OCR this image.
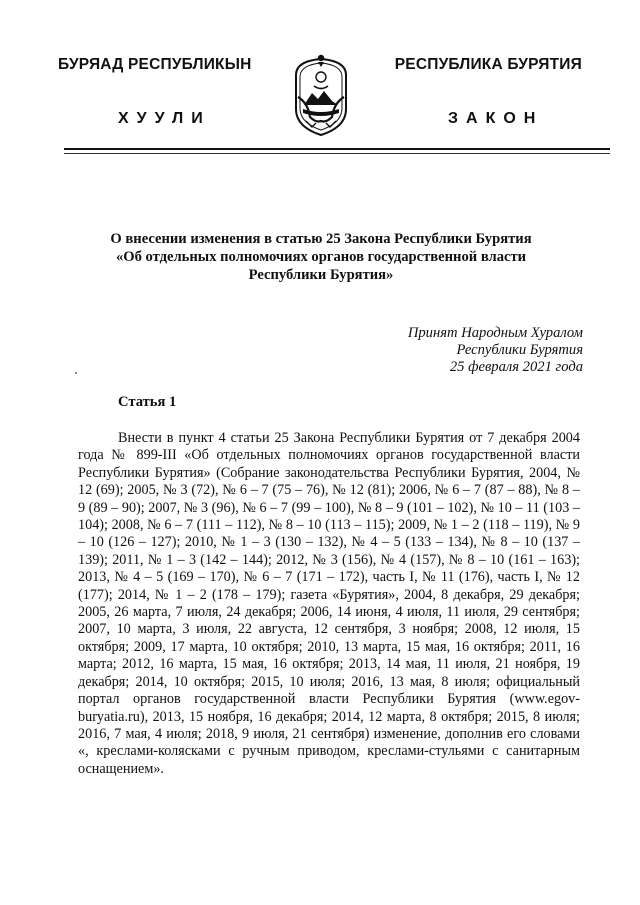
БУРЯАД РЕСПУБЛИКЫН	РЕСПУБЛИКА БУРЯТИЯ
ХУУЛИ	ЗАКОН
О внесении изменения в статью 25 Закона Республики Бурятия
«Об отдельных полномочиях органов государственной власти
Республики Бурятия»
Принят Народным Хуралом
Республики Бурятия
25 февраля 2021 года
Статья 1
Внести в пункт 4 статьи 25 Закона Республики Бурятия от 7 декабря 2004 года № 899-III «Об отдельных полномочиях органов государственной власти Республики Бурятия» (Собрание законодательства Республики Бурятия, 2004, № 12 (69); 2005, № 3 (72), № 6 – 7 (75 – 76), № 12 (81); 2006, № 6 – 7 (87 – 88), № 8 – 9 (89 – 90); 2007, № 3 (96), № 6 – 7 (99 – 100), № 8 – 9 (101 – 102), № 10 – 11 (103 – 104); 2008, № 6 – 7 (111 – 112), № 8 – 10 (113 – 115); 2009, № 1 – 2 (118 – 119), № 9 – 10 (126 – 127); 2010, № 1 – 3 (130 – 132), № 4 – 5 (133 – 134), № 8 – 10 (137 – 139); 2011, № 1 – 3 (142 – 144); 2012, № 3 (156), № 4 (157), № 8 – 10 (161 – 163); 2013, № 4 – 5 (169 – 170), № 6 – 7 (171 – 172), часть I, № 11 (176), часть I, № 12 (177); 2014, № 1 – 2 (178 – 179); газета «Бурятия», 2004, 8 декабря, 29 декабря; 2005, 26 марта, 7 июля, 24 декабря; 2006, 14 июня, 4 июля, 11 июля, 29 сентября; 2007, 10 марта, 3 июля, 22 августа, 12 сентября, 3 ноября; 2008, 12 июля, 15 октября; 2009, 17 марта, 10 октября; 2010, 13 марта, 15 мая, 16 октября; 2011, 16 марта; 2012, 16 марта, 15 мая, 16 октября; 2013, 14 мая, 11 июля, 21 ноября, 19 декабря; 2014, 10 октября; 2015, 10 июля; 2016, 13 мая, 8 июля; официальный портал органов государственной власти Республики Бурятия (www.egov-buryatia.ru), 2013, 15 ноября, 16 декабря; 2014, 12 марта, 8 октября; 2015, 8 июля; 2016, 7 мая, 4 июля; 2018, 9 июля, 21 сентября) изменение, дополнив его словами «, креслами-колясками с ручным приводом, креслами-стульями с санитарным оснащением».
